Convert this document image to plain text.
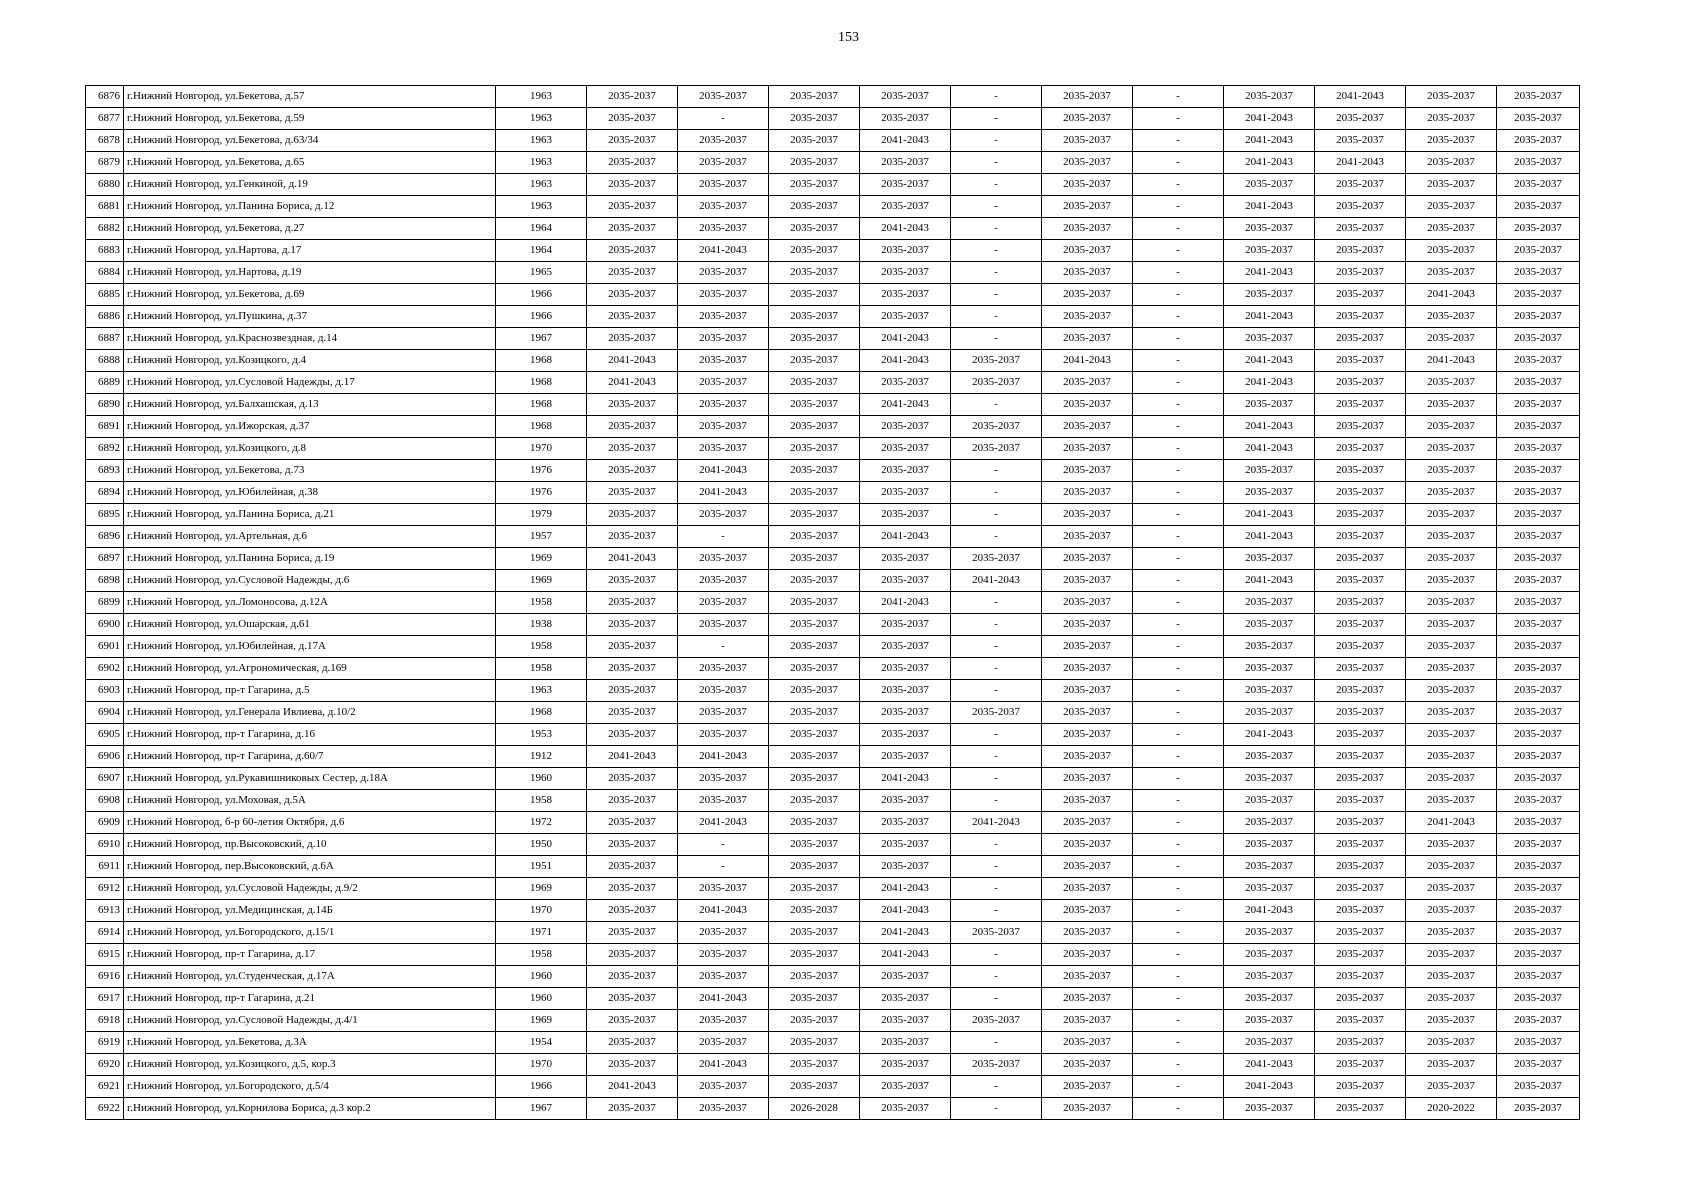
153
6876	г.Нижний Новгород, ул.Бекетова, д.57	1963	2035-2037	2035-2037	2035-2037	2035-2037	-	2035-2037	-	2035-2037	2041-2043	2035-2037	2035-2037
6877	г.Нижний Новгород, ул.Бекетова, д.59	1963	2035-2037	-	2035-2037	2035-2037	-	2035-2037	-	2041-2043	2035-2037	2035-2037	2035-2037
6878	г.Нижний Новгород, ул.Бекетова, д.63/34	1963	2035-2037	2035-2037	2035-2037	2041-2043	-	2035-2037	-	2041-2043	2035-2037	2035-2037	2035-2037
6879	г.Нижний Новгород, ул.Бекетова, д.65	1963	2035-2037	2035-2037	2035-2037	2035-2037	-	2035-2037	-	2041-2043	2041-2043	2035-2037	2035-2037
6880	г.Нижний Новгород, ул.Генкиной, д.19	1963	2035-2037	2035-2037	2035-2037	2035-2037	-	2035-2037	-	2035-2037	2035-2037	2035-2037	2035-2037
6881	г.Нижний Новгород, ул.Панина Бориса, д.12	1963	2035-2037	2035-2037	2035-2037	2035-2037	-	2035-2037	-	2041-2043	2035-2037	2035-2037	2035-2037
6882	г.Нижний Новгород, ул.Бекетова, д.27	1964	2035-2037	2035-2037	2035-2037	2041-2043	-	2035-2037	-	2035-2037	2035-2037	2035-2037	2035-2037
6883	г.Нижний Новгород, ул.Нартова, д.17	1964	2035-2037	2041-2043	2035-2037	2035-2037	-	2035-2037	-	2035-2037	2035-2037	2035-2037	2035-2037
6884	г.Нижний Новгород, ул.Нартова, д.19	1965	2035-2037	2035-2037	2035-2037	2035-2037	-	2035-2037	-	2041-2043	2035-2037	2035-2037	2035-2037
6885	г.Нижний Новгород, ул.Бекетова, д.69	1966	2035-2037	2035-2037	2035-2037	2035-2037	-	2035-2037	-	2035-2037	2035-2037	2041-2043	2035-2037
6886	г.Нижний Новгород, ул.Пушкина, д.37	1966	2035-2037	2035-2037	2035-2037	2035-2037	-	2035-2037	-	2041-2043	2035-2037	2035-2037	2035-2037
6887	г.Нижний Новгород, ул.Краснозвездная, д.14	1967	2035-2037	2035-2037	2035-2037	2041-2043	-	2035-2037	-	2035-2037	2035-2037	2035-2037	2035-2037
6888	г.Нижний Новгород, ул.Козицкого, д.4	1968	2041-2043	2035-2037	2035-2037	2041-2043	2035-2037	2041-2043	-	2041-2043	2035-2037	2041-2043	2035-2037
6889	г.Нижний Новгород, ул.Сусловой Надежды, д.17	1968	2041-2043	2035-2037	2035-2037	2035-2037	2035-2037	2035-2037	-	2041-2043	2035-2037	2035-2037	2035-2037
6890	г.Нижний Новгород, ул.Балхашская, д.13	1968	2035-2037	2035-2037	2035-2037	2041-2043	-	2035-2037	-	2035-2037	2035-2037	2035-2037	2035-2037
6891	г.Нижний Новгород, ул.Ижорская, д.37	1968	2035-2037	2035-2037	2035-2037	2035-2037	2035-2037	2035-2037	-	2041-2043	2035-2037	2035-2037	2035-2037
6892	г.Нижний Новгород, ул.Козицкого, д.8	1970	2035-2037	2035-2037	2035-2037	2035-2037	2035-2037	2035-2037	-	2041-2043	2035-2037	2035-2037	2035-2037
6893	г.Нижний Новгород, ул.Бекетова, д.73	1976	2035-2037	2041-2043	2035-2037	2035-2037	-	2035-2037	-	2035-2037	2035-2037	2035-2037	2035-2037
6894	г.Нижний Новгород, ул.Юбилейная, д.38	1976	2035-2037	2041-2043	2035-2037	2035-2037	-	2035-2037	-	2035-2037	2035-2037	2035-2037	2035-2037
6895	г.Нижний Новгород, ул.Панина Бориса, д.21	1979	2035-2037	2035-2037	2035-2037	2035-2037	-	2035-2037	-	2041-2043	2035-2037	2035-2037	2035-2037
6896	г.Нижний Новгород, ул.Артельная, д.6	1957	2035-2037	-	2035-2037	2041-2043	-	2035-2037	-	2041-2043	2035-2037	2035-2037	2035-2037
6897	г.Нижний Новгород, ул.Панина Бориса, д.19	1969	2041-2043	2035-2037	2035-2037	2035-2037	2035-2037	2035-2037	-	2035-2037	2035-2037	2035-2037	2035-2037
6898	г.Нижний Новгород, ул.Сусловой Надежды, д.6	1969	2035-2037	2035-2037	2035-2037	2035-2037	2041-2043	2035-2037	-	2041-2043	2035-2037	2035-2037	2035-2037
6899	г.Нижний Новгород, ул.Ломоносова, д.12А	1958	2035-2037	2035-2037	2035-2037	2041-2043	-	2035-2037	-	2035-2037	2035-2037	2035-2037	2035-2037
6900	г.Нижний Новгород, ул.Ошарская, д.61	1938	2035-2037	2035-2037	2035-2037	2035-2037	-	2035-2037	-	2035-2037	2035-2037	2035-2037	2035-2037
6901	г.Нижний Новгород, ул.Юбилейная, д.17А	1958	2035-2037	-	2035-2037	2035-2037	-	2035-2037	-	2035-2037	2035-2037	2035-2037	2035-2037
6902	г.Нижний Новгород, ул.Агрономическая, д.169	1958	2035-2037	2035-2037	2035-2037	2035-2037	-	2035-2037	-	2035-2037	2035-2037	2035-2037	2035-2037
6903	г.Нижний Новгород, пр-т Гагарина, д.5	1963	2035-2037	2035-2037	2035-2037	2035-2037	-	2035-2037	-	2035-2037	2035-2037	2035-2037	2035-2037
6904	г.Нижний Новгород, ул.Генерала Ивлиева, д.10/2	1968	2035-2037	2035-2037	2035-2037	2035-2037	2035-2037	2035-2037	-	2035-2037	2035-2037	2035-2037	2035-2037
6905	г.Нижний Новгород, пр-т Гагарина, д.16	1953	2035-2037	2035-2037	2035-2037	2035-2037	-	2035-2037	-	2041-2043	2035-2037	2035-2037	2035-2037
6906	г.Нижний Новгород, пр-т Гагарина, д.60/7	1912	2041-2043	2041-2043	2035-2037	2035-2037	-	2035-2037	-	2035-2037	2035-2037	2035-2037	2035-2037
6907	г.Нижний Новгород, ул.Рукавишниковых Сестер, д.18А	1960	2035-2037	2035-2037	2035-2037	2041-2043	-	2035-2037	-	2035-2037	2035-2037	2035-2037	2035-2037
6908	г.Нижний Новгород, ул.Моховая, д.5А	1958	2035-2037	2035-2037	2035-2037	2035-2037	-	2035-2037	-	2035-2037	2035-2037	2035-2037	2035-2037
6909	г.Нижний Новгород, б-р 60-летия Октября, д.6	1972	2035-2037	2041-2043	2035-2037	2035-2037	2041-2043	2035-2037	-	2035-2037	2035-2037	2041-2043	2035-2037
6910	г.Нижний Новгород, пр.Высоковский, д.10	1950	2035-2037	-	2035-2037	2035-2037	-	2035-2037	-	2035-2037	2035-2037	2035-2037	2035-2037
6911	г.Нижний Новгород, пер.Высоковский, д.6А	1951	2035-2037	-	2035-2037	2035-2037	-	2035-2037	-	2035-2037	2035-2037	2035-2037	2035-2037
6912	г.Нижний Новгород, ул.Сусловой Надежды, д.9/2	1969	2035-2037	2035-2037	2035-2037	2041-2043	-	2035-2037	-	2035-2037	2035-2037	2035-2037	2035-2037
6913	г.Нижний Новгород, ул.Медицинская, д.14Б	1970	2035-2037	2041-2043	2035-2037	2041-2043	-	2035-2037	-	2041-2043	2035-2037	2035-2037	2035-2037
6914	г.Нижний Новгород, ул.Богородского, д.15/1	1971	2035-2037	2035-2037	2035-2037	2041-2043	2035-2037	2035-2037	-	2035-2037	2035-2037	2035-2037	2035-2037
6915	г.Нижний Новгород, пр-т Гагарина, д.17	1958	2035-2037	2035-2037	2035-2037	2041-2043	-	2035-2037	-	2035-2037	2035-2037	2035-2037	2035-2037
6916	г.Нижний Новгород, ул.Студенческая, д.17А	1960	2035-2037	2035-2037	2035-2037	2035-2037	-	2035-2037	-	2035-2037	2035-2037	2035-2037	2035-2037
6917	г.Нижний Новгород, пр-т Гагарина, д.21	1960	2035-2037	2041-2043	2035-2037	2035-2037	-	2035-2037	-	2035-2037	2035-2037	2035-2037	2035-2037
6918	г.Нижний Новгород, ул.Сусловой Надежды, д.4/1	1969	2035-2037	2035-2037	2035-2037	2035-2037	2035-2037	2035-2037	-	2035-2037	2035-2037	2035-2037	2035-2037
6919	г.Нижний Новгород, ул.Бекетова, д.3А	1954	2035-2037	2035-2037	2035-2037	2035-2037	-	2035-2037	-	2035-2037	2035-2037	2035-2037	2035-2037
6920	г.Нижний Новгород, ул.Козицкого, д.5, кор.3	1970	2035-2037	2041-2043	2035-2037	2035-2037	2035-2037	2035-2037	-	2041-2043	2035-2037	2035-2037	2035-2037
6921	г.Нижний Новгород, ул.Богородского, д.5/4	1966	2041-2043	2035-2037	2035-2037	2035-2037	-	2035-2037	-	2041-2043	2035-2037	2035-2037	2035-2037
6922	г.Нижний Новгород, ул.Корнилова Бориса, д.3 кор.2	1967	2035-2037	2035-2037	2026-2028	2035-2037	-	2035-2037	-	2035-2037	2035-2037	2020-2022	2035-2037
